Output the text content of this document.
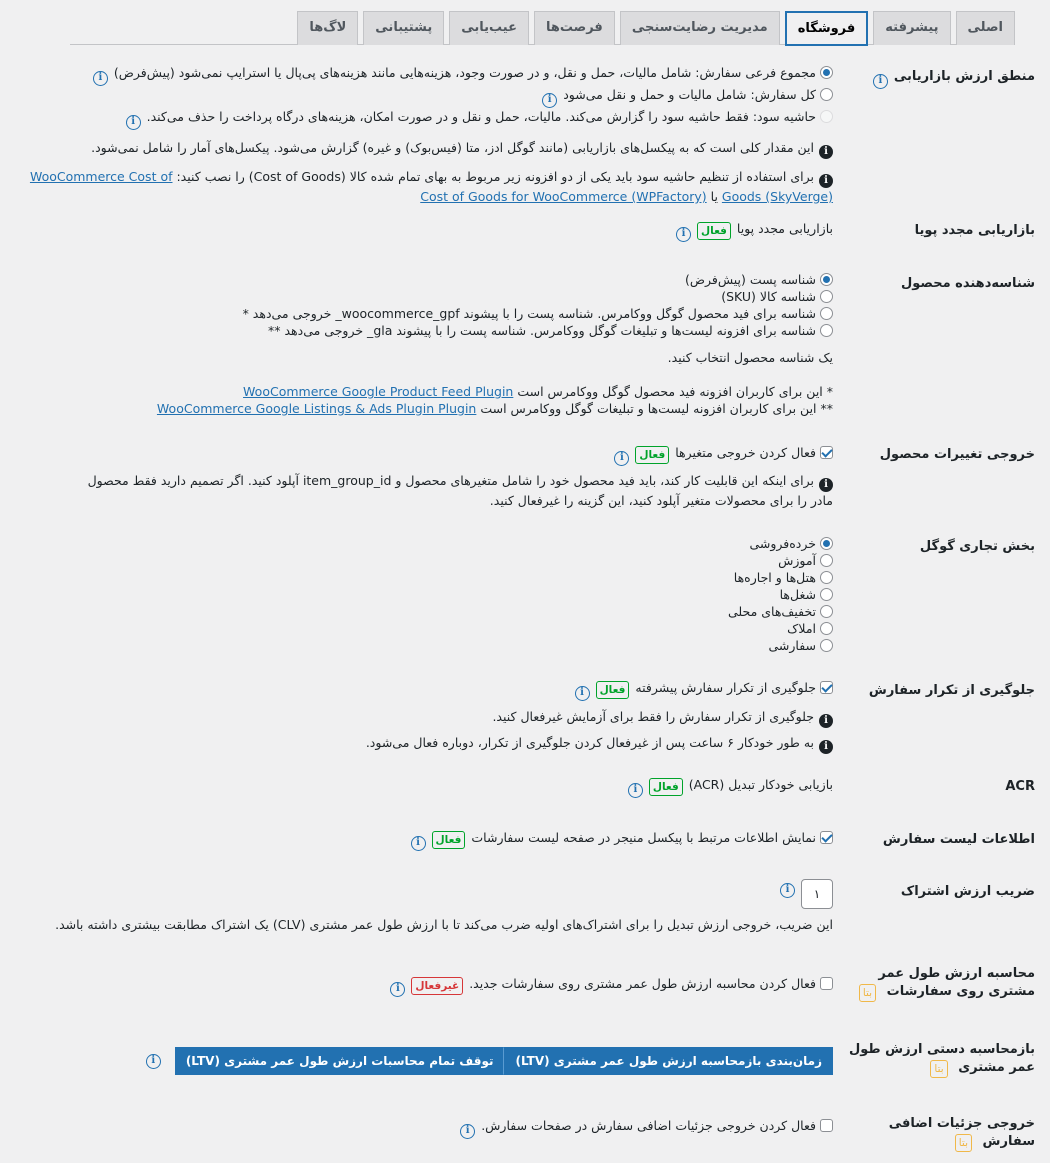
اصلی
پیشرفته
فروشگاه
مدیریت رضایت‌سنجی
فرصت‌ها
عیب‌یابی
پشتیبانی
لاگ‌ها
منطق ارزش بازاریابیi
مجموع فرعی سفارش: شامل مالیات، حمل و نقل، و در صورت وجود، هزینه‌هایی مانند هزینه‌های پی‌پال یا استرایپ نمی‌شود (پیش‌فرض)i
کل سفارش: شامل مالیات و حمل و نقل می‌شودi
حاشیه سود: فقط حاشیه سود را گزارش می‌کند. مالیات، حمل و نقل و در صورت امکان، هزینه‌های درگاه پرداخت را حذف می‌کند.i
iاین مقدار کلی است که به پیکسل‌های بازاریابی (مانند گوگل ادز، متا (فیس‌بوک) و غیره) گزارش می‌شود. پیکسل‌های آمار را شامل نمی‌شود.
iبرای استفاده از تنظیم حاشیه سود باید یکی از دو افزونه زیر مربوط به بهای تمام شده کالا (Cost of Goods) را نصب کنید: WooCommerce Cost of Goods (SkyVerge) یا Cost of Goods for WooCommerce (WPFactory)
بازاریابی مجدد پویا
بازاریابی مجدد پویافعالi
شناسه‌دهنده محصول
شناسه پست (پیش‌فرض)
شناسه کالا (SKU)
شناسه برای فید محصول گوگل ووکامرس. شناسه پست را با پیشوند woocommerce_gpf_ خروجی می‌دهد *
شناسه برای افزونه لیست‌ها و تبلیغات گوگل ووکامرس. شناسه پست را با پیشوند gla_ خروجی می‌دهد **
یک شناسه محصول انتخاب کنید.
* این برای کاربران افزونه فید محصول گوگل ووکامرس است WooCommerce Google Product Feed Plugin
** این برای کاربران افزونه لیست‌ها و تبلیغات گوگل ووکامرس است WooCommerce Google Listings & Ads Plugin Plugin
خروجی تغییرات محصول
فعال کردن خروجی متغیرهافعالi
iبرای اینکه این قابلیت کار کند، باید فید محصول خود را شامل متغیرهای محصول و item_group_id آپلود کنید. اگر تصمیم دارید فقط محصول مادر را برای محصولات متغیر آپلود کنید، این گزینه را غیرفعال کنید.
بخش تجاری گوگل
خرده‌فروشی
آموزش
هتل‌ها و اجاره‌ها
شغل‌ها
تخفیف‌های محلی
املاک
سفارشی
جلوگیری از تکرار سفارش
جلوگیری از تکرار سفارش پیشرفتهفعالi
iجلوگیری از تکرار سفارش را فقط برای آزمایش غیرفعال کنید.
iبه طور خودکار ۶ ساعت پس از غیرفعال کردن جلوگیری از تکرار، دوباره فعال می‌شود.
ACR
بازیابی خودکار تبدیل (ACR)فعالi
اطلاعات لیست سفارش
نمایش اطلاعات مرتبط با پیکسل منیجر در صفحه لیست سفارشاتفعالi
ضریب ارزش اشتراک
۱i
این ضریب، خروجی ارزش تبدیل را برای اشتراک‌های اولیه ضرب می‌کند تا با ارزش طول عمر مشتری (CLV) یک اشتراک مطابقت بیشتری داشته باشد.
محاسبه ارزش طول عمر مشتری روی سفارشات بتا
فعال کردن محاسبه ارزش طول عمر مشتری روی سفارشات جدید.غیرفعالi
بازمحاسبه دستی ارزش طول عمر مشتری بتا
زمان‌بندی بازمحاسبه ارزش طول عمر مشتری (LTV)توقف تمام محاسبات ارزش طول عمر مشتری (LTV)i
خروجی جزئیات اضافی سفارش بتا
فعال کردن خروجی جزئیات اضافی سفارش در صفحات سفارش.i
